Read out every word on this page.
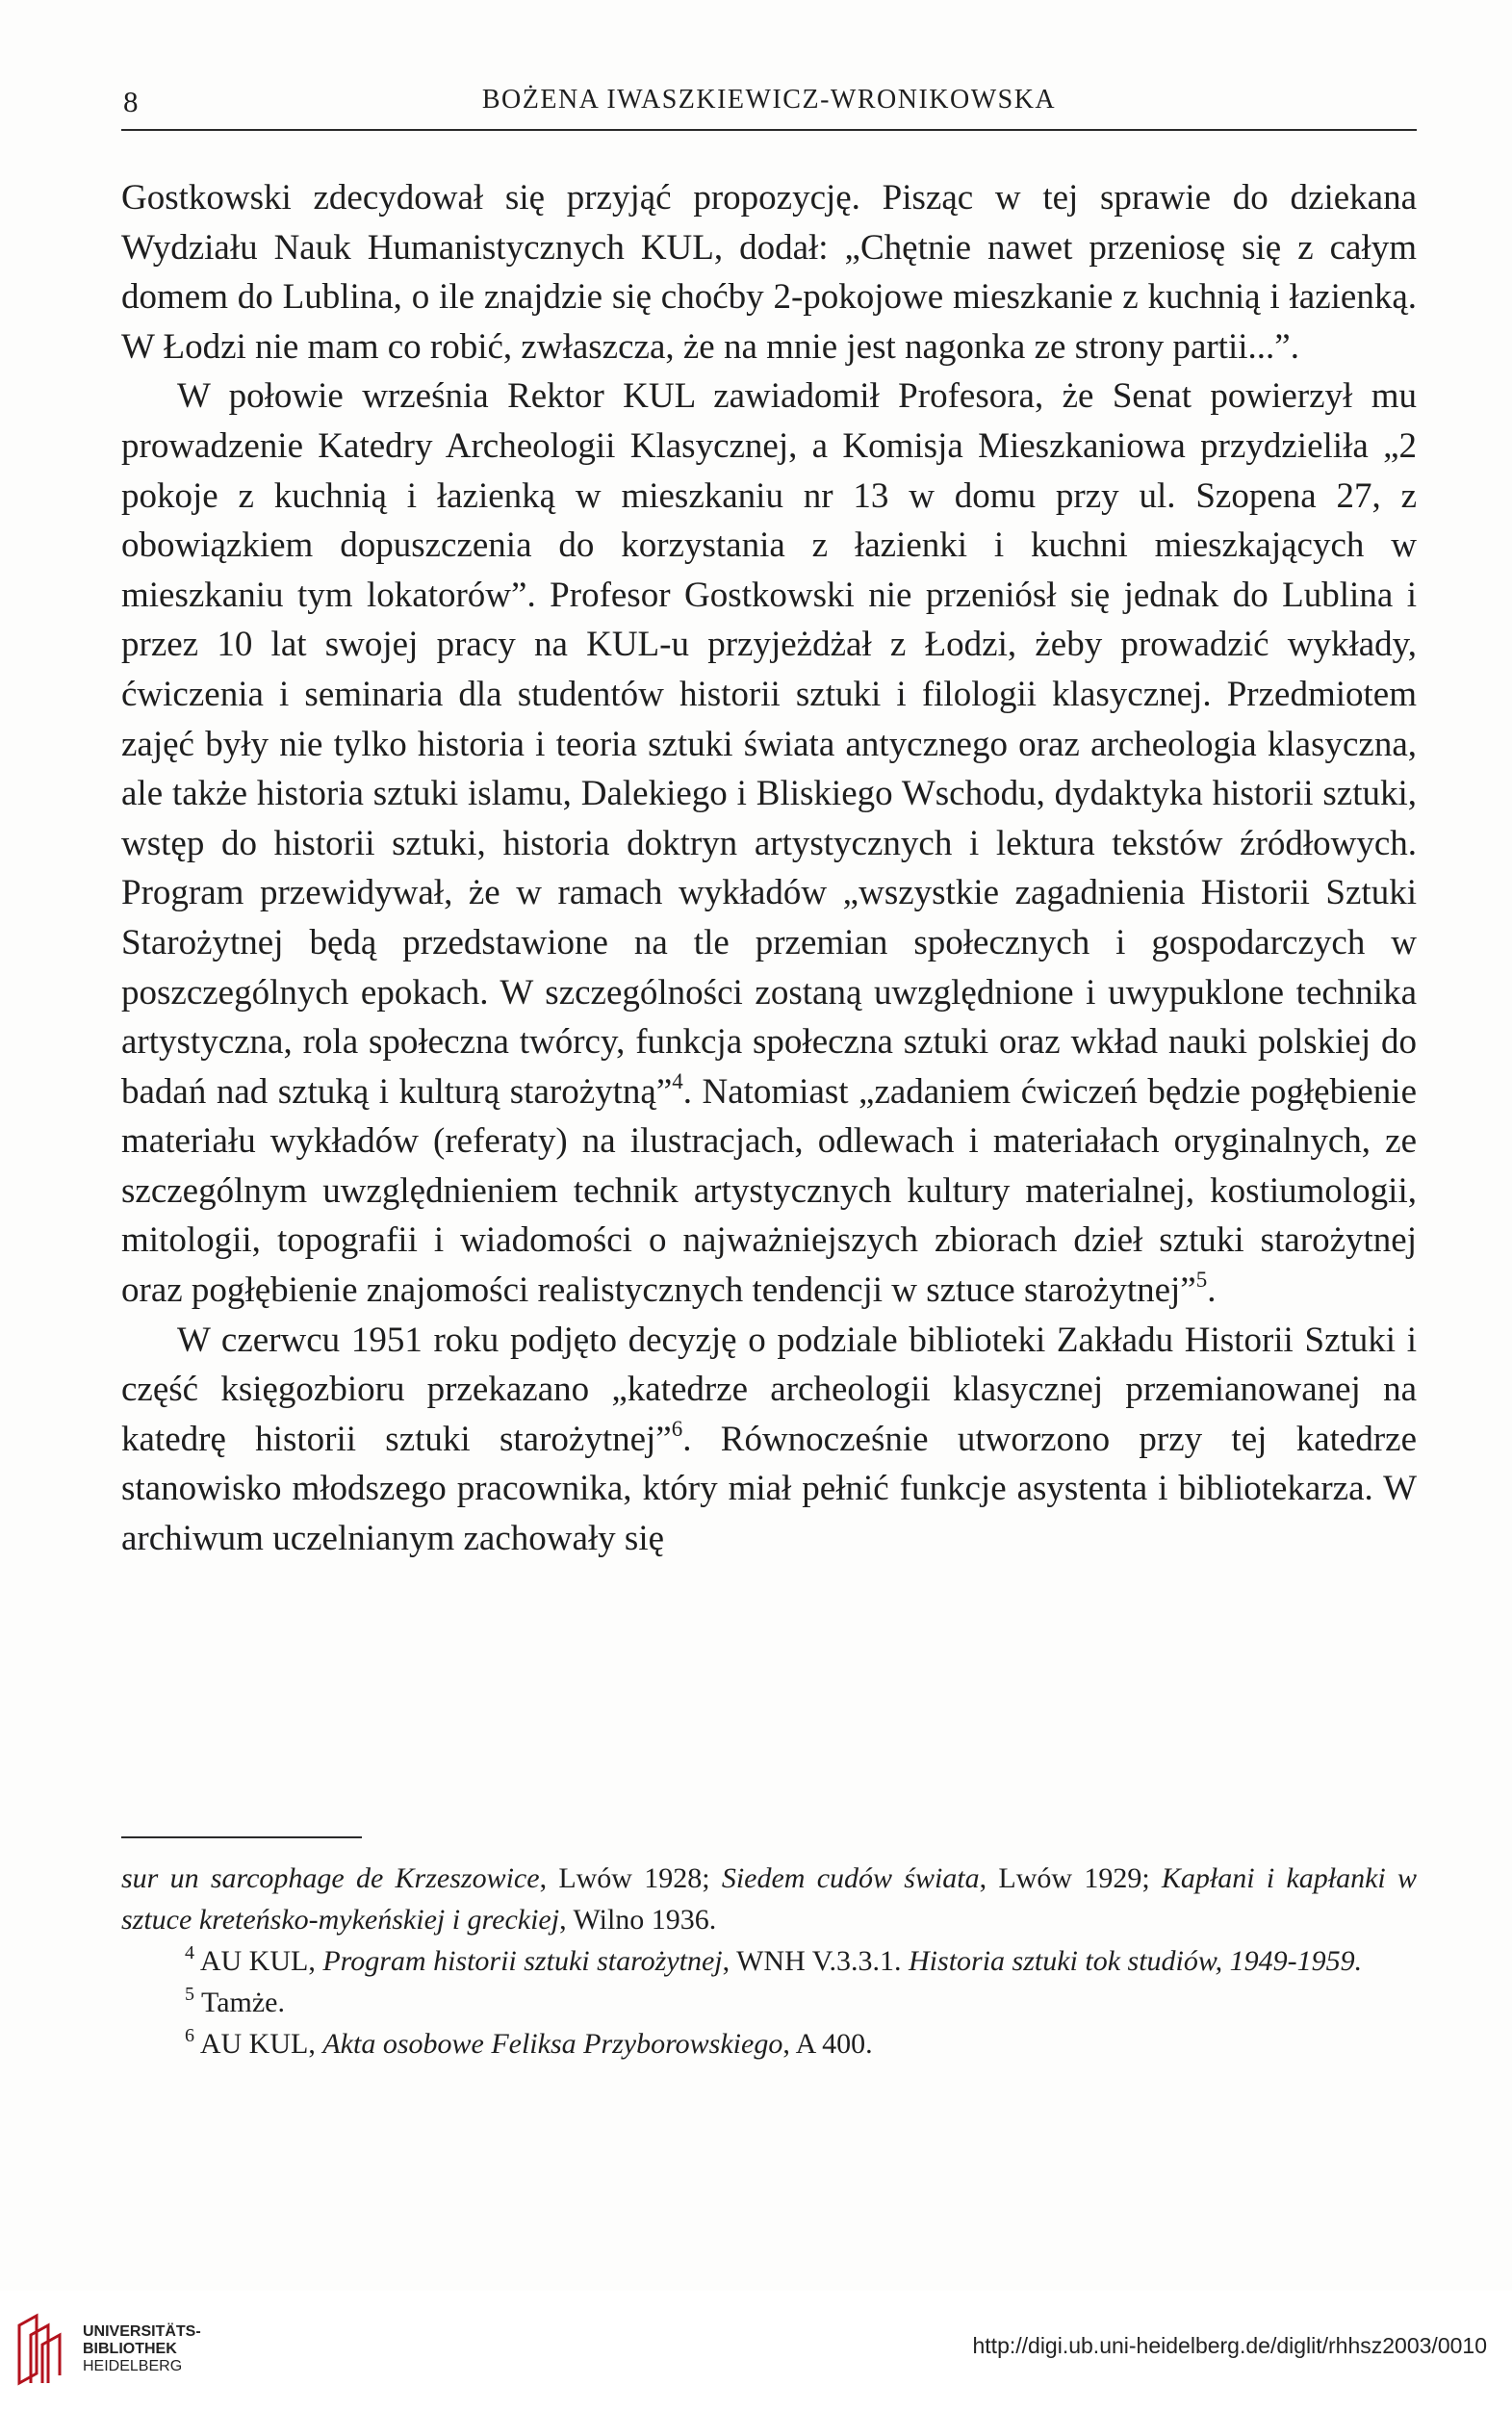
8	BOŻENA IWASZKIEWICZ-WRONIKOWSKA

Gostkowski zdecydował się przyjąć propozycję. Pisząc w tej sprawie do dziekana Wydziału Nauk Humanistycznych KUL, dodał: „Chętnie nawet przeniosę się z całym domem do Lublina, o ile znajdzie się choćby 2-pokojowe mieszkanie z kuchnią i łazienką. W Łodzi nie mam co robić, zwłaszcza, że na mnie jest nagonka ze strony partii...”.

W połowie września Rektor KUL zawiadomił Profesora, że Senat powierzył mu prowadzenie Katedry Archeologii Klasycznej, a Komisja Mieszkaniowa przydzieliła „2 pokoje z kuchnią i łazienką w mieszkaniu nr 13 w domu przy ul. Szopena 27, z obowiązkiem dopuszczenia do korzystania z łazienki i kuchni mieszkających w mieszkaniu tym lokatorów”. Profesor Gostkowski nie przeniósł się jednak do Lublina i przez 10 lat swojej pracy na KUL-u przyjeżdżał z Łodzi, żeby prowadzić wykłady, ćwiczenia i seminaria dla studentów historii sztuki i filologii klasycznej. Przedmiotem zajęć były nie tylko historia i teoria sztuki świata antycznego oraz archeologia klasyczna, ale także historia sztuki islamu, Dalekiego i Bliskiego Wschodu, dydaktyka historii sztuki, wstęp do historii sztuki, historia doktryn artystycznych i lektura tekstów źródłowych. Program przewidywał, że w ramach wykładów „wszystkie zagadnienia Historii Sztuki Starożytnej będą przedstawione na tle przemian społecznych i gospodarczych w poszczególnych epokach. W szczególności zostaną uwzględnione i uwypuklone technika artystyczna, rola społeczna twórcy, funkcja społeczna sztuki oraz wkład nauki polskiej do badań nad sztuką i kulturą starożytną”$^4$. Natomiast „zadaniem ćwiczeń będzie pogłębienie materiału wykładów (referaty) na ilustracjach, odlewach i materiałach oryginalnych, ze szczególnym uwzględnieniem technik artystycznych kultury materialnej, kostiumologii, mitologii, topografii i wiadomości o najważniejszych zbiorach dzieł sztuki starożytnej oraz pogłębienie znajomości realistycznych tendencji w sztuce starożytnej”$^5$.

W czerwcu 1951 roku podjęto decyzję o podziale biblioteki Zakładu Historii Sztuki i część księgozbioru przekazano „katedrze archeologii klasycznej przemianowanej na katedrę historii sztuki starożytnej”$^6$. Równocześnie utworzono przy tej katedrze stanowisko młodszego pracownika, który miał pełnić funkcje asystenta i bibliotekarza. W archiwum uczelnianym zachowały się

sur un sarcophage de Krzeszowice, Lwów 1928; Siedem cudów świata, Lwów 1929; Kapłani i kapłanki w sztuce kreteńsko-mykeńskiej i greckiej, Wilno 1936.

$^4$ AU KUL, Program historii sztuki starożytnej, WNH V.3.3.1. Historia sztuki tok studiów, 1949-1959.

$^5$ Tamże.

$^6$ AU KUL, Akta osobowe Feliksa Przyborowskiego, A 400.

UNIVERSITÄTS-
BIBLIOTHEK
HEIDELBERG
http://digi.ub.uni-heidelberg.de/diglit/rhhsz2003/0010
